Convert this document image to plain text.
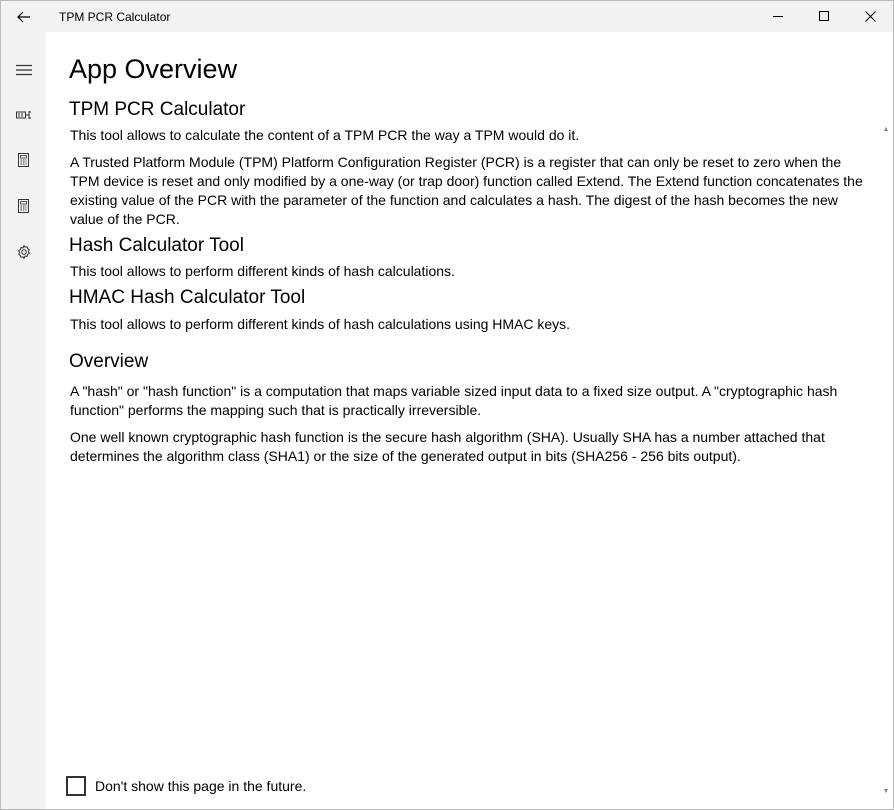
TPM PCR Calculator
App Overview
TPM PCR Calculator

This tool allows to calculate the content of a TPM PCR the way a TPM would do it.

A Trusted Platform Module (TPM) Platform Configuration Register (PCR) is a register that can only be reset to zero when the TPM device is reset and only modified by a one-way (or trap door) function called Extend. The Extend function concatenates the existing value of the PCR with the parameter of the function and calculates a hash. The digest of the hash becomes the new value of the PCR.

Hash Calculator Tool

This tool allows to perform different kinds of hash calculations.

HMAC Hash Calculator Tool

This tool allows to perform different kinds of hash calculations using HMAC keys.

Overview

A "hash" or "hash function" is a computation that maps variable sized input data to a fixed size output. A "cryptographic hash function" performs the mapping such that is practically irreversible.

One well known cryptographic hash function is the secure hash algorithm (SHA). Usually SHA has a number attached that determines the algorithm class (SHA1) or the size of the generated output in bits (SHA256 - 256 bits output).

▲
▼
Don't show this page in the future.
